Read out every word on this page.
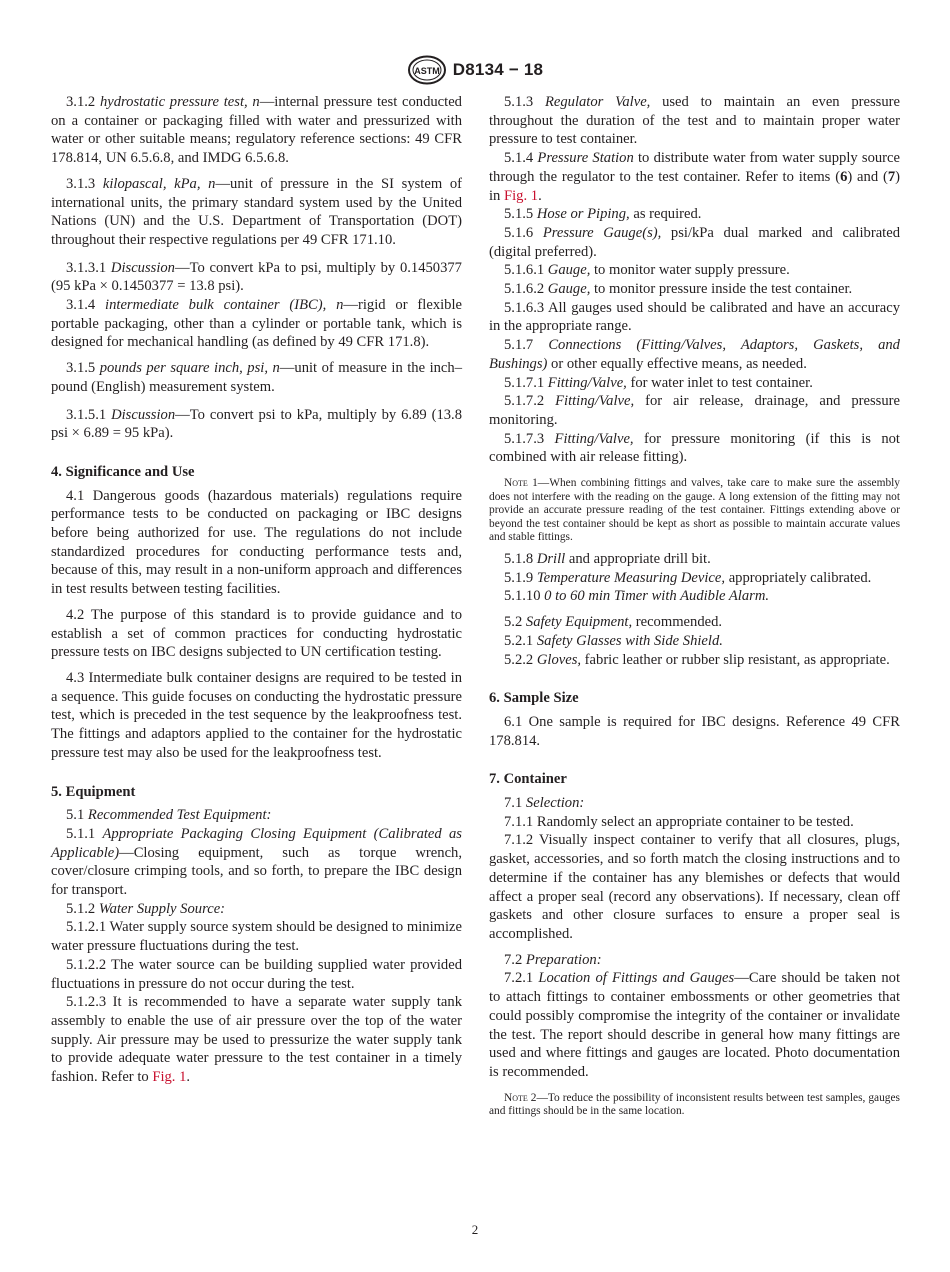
ASTM D8134 − 18

3.1.2 hydrostatic pressure test, n—internal pressure test conducted on a container or packaging filled with water and pressurized with water or other suitable means; regulatory reference sections: 49 CFR 178.814, UN 6.5.6.8, and IMDG 6.5.6.8.

3.1.3 kilopascal, kPa, n—unit of pressure in the SI system of international units, the primary standard system used by the United Nations (UN) and the U.S. Department of Transportation (DOT) throughout their respective regulations per 49 CFR 171.10.

3.1.3.1 Discussion—To convert kPa to psi, multiply by 0.1450377 (95 kPa × 0.1450377 = 13.8 psi).

3.1.4 intermediate bulk container (IBC), n—rigid or flexible portable packaging, other than a cylinder or portable tank, which is designed for mechanical handling (as defined by 49 CFR 171.8).

3.1.5 pounds per square inch, psi, n—unit of measure in the inch–pound (English) measurement system.

3.1.5.1 Discussion—To convert psi to kPa, multiply by 6.89 (13.8 psi × 6.89 = 95 kPa).

4. Significance and Use

4.1 Dangerous goods (hazardous materials) regulations require performance tests to be conducted on packaging or IBC designs before being authorized for use. The regulations do not include standardized procedures for conducting performance tests and, because of this, may result in a non-uniform approach and differences in test results between testing facilities.

4.2 The purpose of this standard is to provide guidance and to establish a set of common practices for conducting hydrostatic pressure tests on IBC designs subjected to UN certification testing.

4.3 Intermediate bulk container designs are required to be tested in a sequence. This guide focuses on conducting the hydrostatic pressure test, which is preceded in the test sequence by the leakproofness test. The fittings and adaptors applied to the container for the hydrostatic pressure test may also be used for the leakproofness test.

5. Equipment

5.1 Recommended Test Equipment:

5.1.1 Appropriate Packaging Closing Equipment (Calibrated as Applicable)—Closing equipment, such as torque wrench, cover/closure crimping tools, and so forth, to prepare the IBC design for transport.

5.1.2 Water Supply Source:

5.1.2.1 Water supply source system should be designed to minimize water pressure fluctuations during the test.

5.1.2.2 The water source can be building supplied water provided fluctuations in pressure do not occur during the test.

5.1.2.3 It is recommended to have a separate water supply tank assembly to enable the use of air pressure over the top of the water supply. Air pressure may be used to pressurize the water supply tank to provide adequate water pressure to the test container in a timely fashion. Refer to Fig. 1.

5.1.3 Regulator Valve, used to maintain an even pressure throughout the duration of the test and to maintain proper water pressure to test container.

5.1.4 Pressure Station to distribute water from water supply source through the regulator to the test container. Refer to items (6) and (7) in Fig. 1.

5.1.5 Hose or Piping, as required.

5.1.6 Pressure Gauge(s), psi/kPa dual marked and calibrated (digital preferred).

5.1.6.1 Gauge, to monitor water supply pressure.

5.1.6.2 Gauge, to monitor pressure inside the test container.

5.1.6.3 All gauges used should be calibrated and have an accuracy in the appropriate range.

5.1.7 Connections (Fitting/Valves, Adaptors, Gaskets, and Bushings) or other equally effective means, as needed.

5.1.7.1 Fitting/Valve, for water inlet to test container.

5.1.7.2 Fitting/Valve, for air release, drainage, and pressure monitoring.

5.1.7.3 Fitting/Valve, for pressure monitoring (if this is not combined with air release fitting).

Note 1—When combining fittings and valves, take care to make sure the assembly does not interfere with the reading on the gauge. A long extension of the fitting may not provide an accurate pressure reading of the test container. Fittings extending above or beyond the test container should be kept as short as possible to maintain accurate values and stable fittings.

5.1.8 Drill and appropriate drill bit.

5.1.9 Temperature Measuring Device, appropriately calibrated.

5.1.10 0 to 60 min Timer with Audible Alarm.

5.2 Safety Equipment, recommended.

5.2.1 Safety Glasses with Side Shield.

5.2.2 Gloves, fabric leather or rubber slip resistant, as appropriate.

6. Sample Size

6.1 One sample is required for IBC designs. Reference 49 CFR 178.814.

7. Container

7.1 Selection:

7.1.1 Randomly select an appropriate container to be tested.

7.1.2 Visually inspect container to verify that all closures, plugs, gasket, accessories, and so forth match the closing instructions and to determine if the container has any blemishes or defects that would affect a proper seal (record any observations). If necessary, clean off gaskets and other closure surfaces to ensure a proper seal is accomplished.

7.2 Preparation:

7.2.1 Location of Fittings and Gauges—Care should be taken not to attach fittings to container embossments or other geometries that could possibly compromise the integrity of the container or invalidate the test. The report should describe in general how many fittings are used and where fittings and gauges are located. Photo documentation is recommended.

Note 2—To reduce the possibility of inconsistent results between test samples, gauges and fittings should be in the same location.

2
